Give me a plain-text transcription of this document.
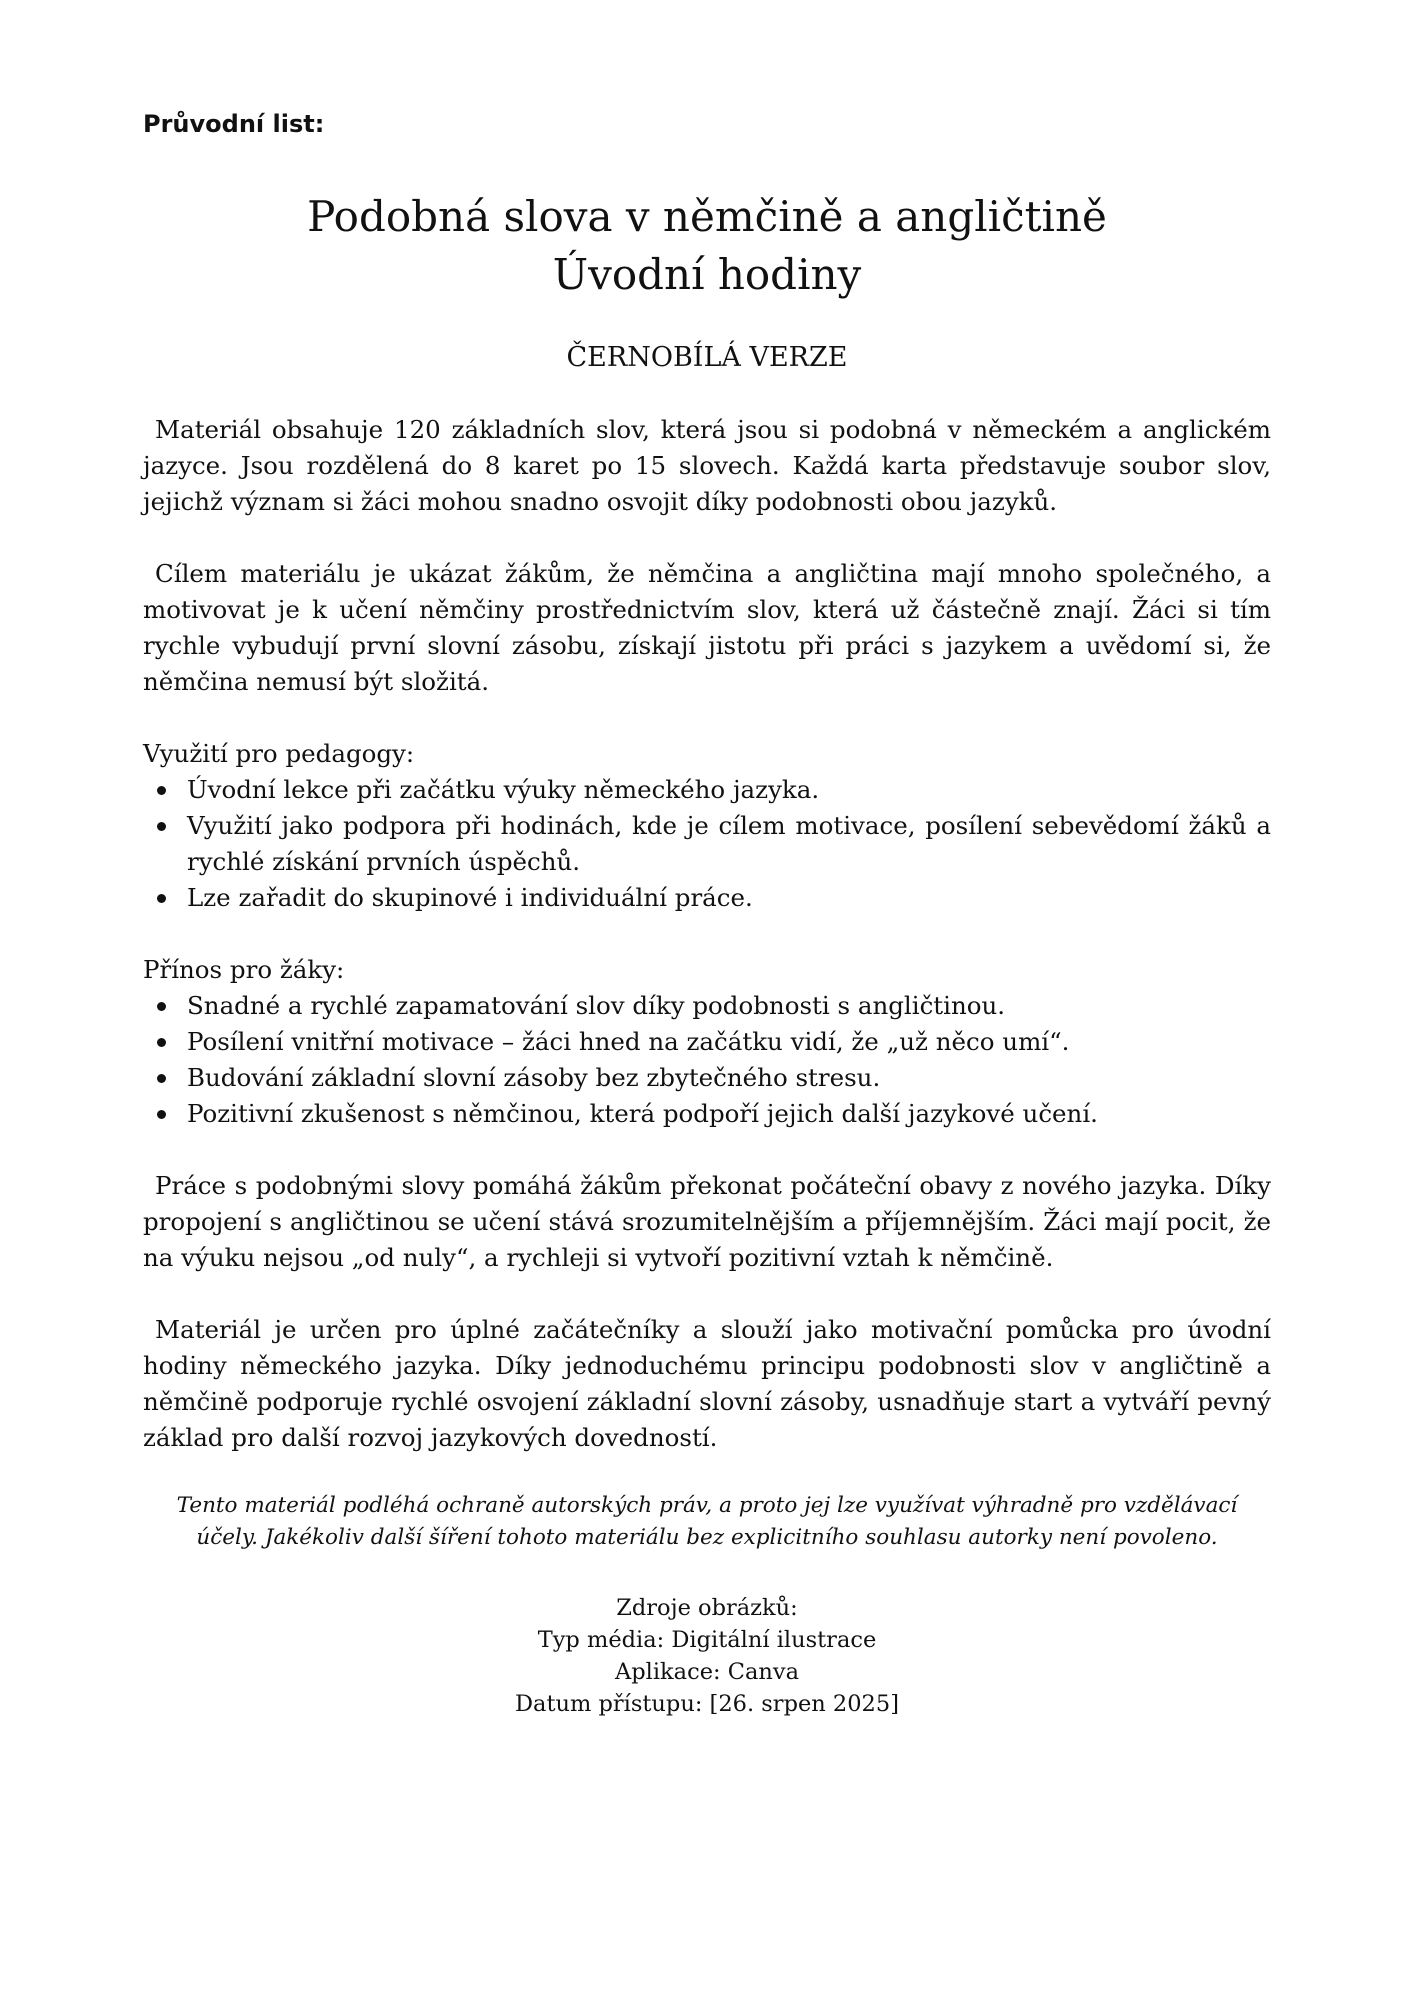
Průvodní list:
Podobná slova v němčině a angličtině
Úvodní hodiny
ČERNOBÍLÁ VERZE

Materiál obsahuje 120 základních slov, která jsou si podobná v německém a anglickém jazyce. Jsou rozdělená do 8 karet po 15 slovech. Každá karta představuje soubor slov, jejichž význam si žáci mohou snadno osvojit díky podobnosti obou jazyků.

Cílem materiálu je ukázat žákům, že němčina a angličtina mají mnoho společného, a motivovat je k učení němčiny prostřednictvím slov, která už částečně znají. Žáci si tím rychle vybudují první slovní zásobu, získají jistotu při práci s jazykem a uvědomí si, že němčina nemusí být složitá.

Využití pro pedagogy:

Úvodní lekce při začátku výuky německého jazyka.
Využití jako podpora při hodinách, kde je cílem motivace, posílení sebevědomí žáků a rychlé získání prvních úspěchů.
Lze zařadit do skupinové i individuální práce.

Přínos pro žáky:

Snadné a rychlé zapamatování slov díky podobnosti s angličtinou.
Posílení vnitřní motivace – žáci hned na začátku vidí, že „už něco umí“.
Budování základní slovní zásoby bez zbytečného stresu.
Pozitivní zkušenost s němčinou, která podpoří jejich další jazykové učení.

Práce s podobnými slovy pomáhá žákům překonat počáteční obavy z nového jazyka. Díky propojení s angličtinou se učení stává srozumitelnějším a příjemnějším. Žáci mají pocit, že na výuku nejsou „od nuly“, a rychleji si vytvoří pozitivní vztah k němčině.

Materiál je určen pro úplné začátečníky a slouží jako motivační pomůcka pro úvodní hodiny německého jazyka. Díky jednoduchému principu podobnosti slov v angličtině a němčině podporuje rychlé osvojení základní slovní zásoby, usnadňuje start a vytváří pevný základ pro další rozvoj jazykových dovedností.

Tento materiál podléhá ochraně autorských práv, a proto jej lze využívat výhradně pro vzdělávací účely. Jakékoliv další šíření tohoto materiálu bez explicitního souhlasu autorky není povoleno.
Zdroje obrázků:
Typ média: Digitální ilustrace
Aplikace: Canva
Datum přístupu: [26. srpen 2025]
